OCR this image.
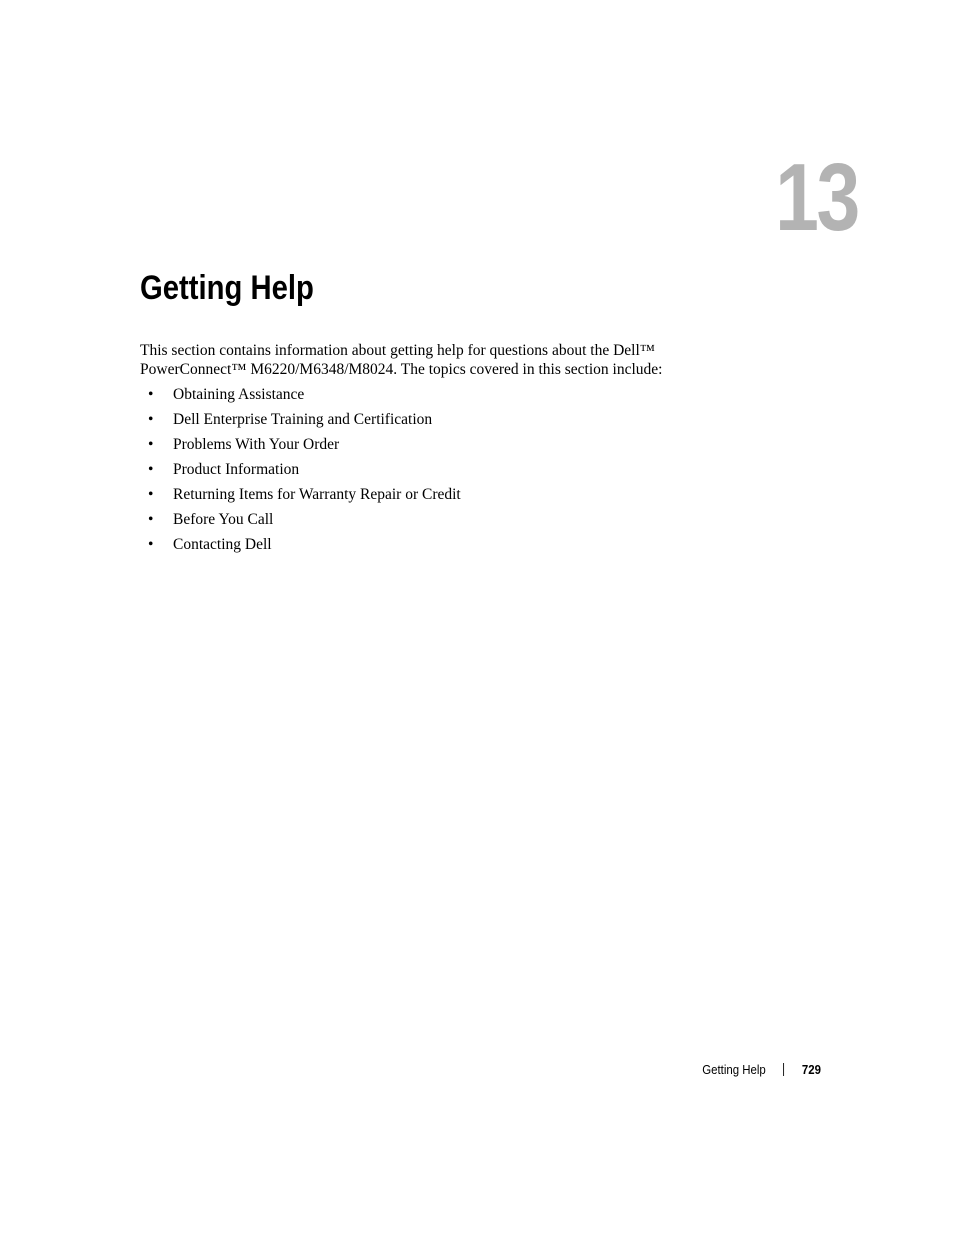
13
Getting Help

This section contains information about getting help for questions about the Dell™
PowerConnect™ M6220/M6348/M8024. The topics covered in this section include:

• Obtaining Assistance
• Dell Enterprise Training and Certification
• Problems With Your Order
• Product Information
• Returning Items for Warranty Repair or Credit
• Before You Call
• Contacting Dell
Getting Help	729
